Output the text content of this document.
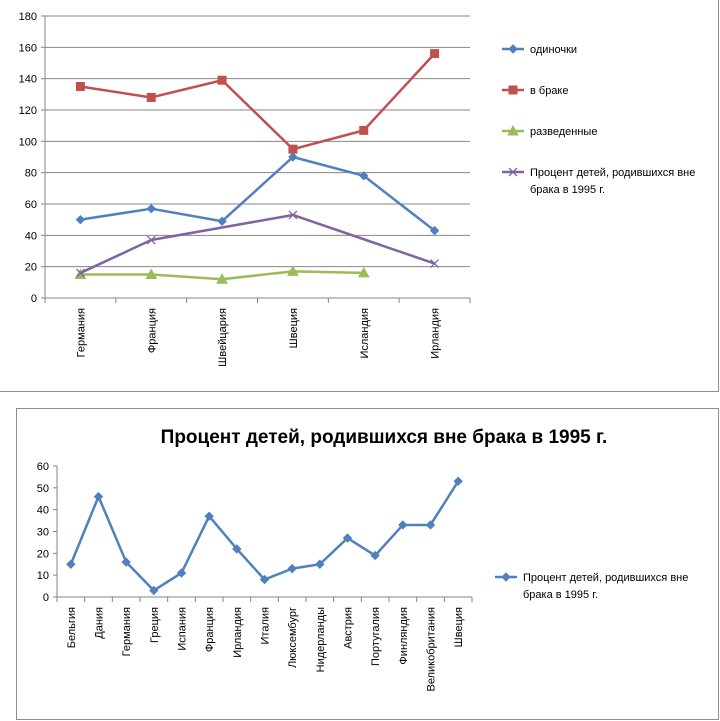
0
20
40
60
80
100
120
140
160
180
Германия	Франция	Швейцария	Швеция	Исландия	Ирландия
одиночки
в браке
разведенные
Процент детей, родившихся вне брака в 1995 г.
Процент детей, родившихся вне брака в 1995 г.
0
10
20
30
40
50
60
Бельгия Дания Германия Греция Испания Франция Ирландия Италия Люксембург Нидерланды Австрия Португалия Финляндия Великобритания Швеция
Процент детей, родившихся вне брака в 1995 г.
